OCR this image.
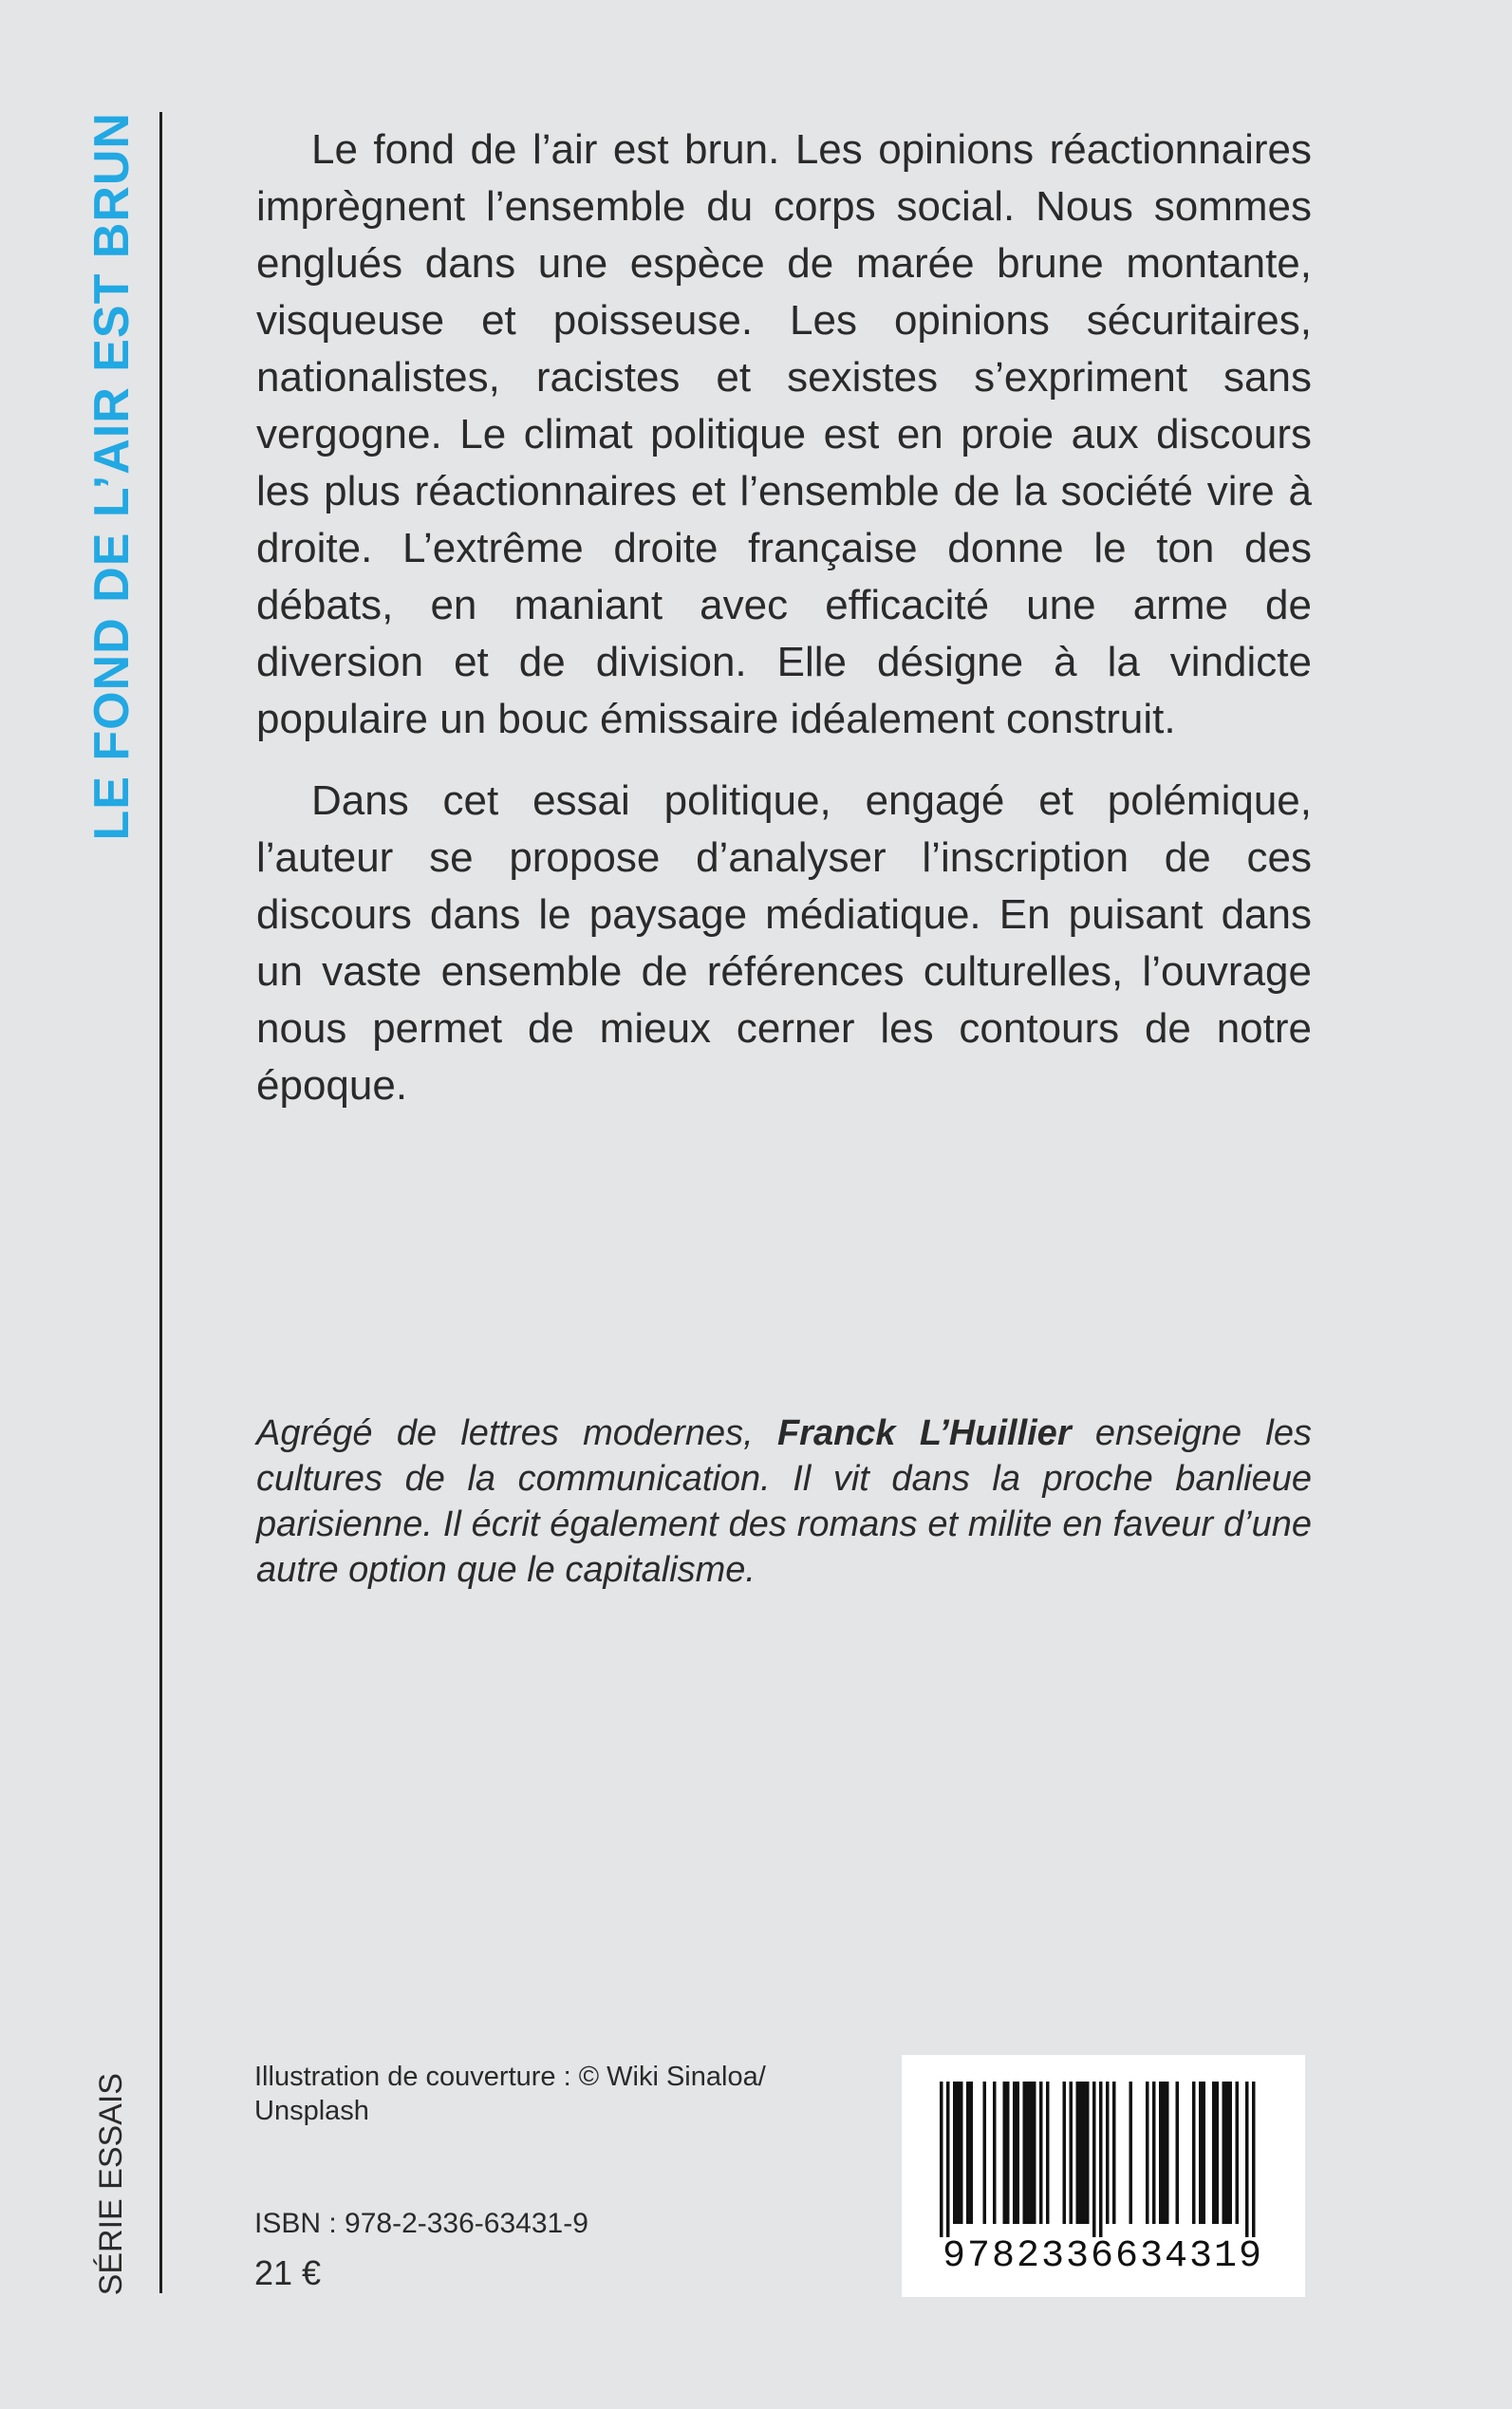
LE FOND DE L’AIR EST BRUN
SÉRIE ESSAIS

Le fond de l’air est brun. Les opinions réactionnaires imprègnent l’ensemble du corps social. Nous sommes englués dans une espèce de marée brune montante, visqueuse et poisseuse. Les opinions sécuritaires, nationalistes, racistes et sexistes s’expriment sans vergogne. Le climat politique est en proie aux discours les plus réactionnaires et l’ensemble de la société vire à droite. L’extrême droite française donne le ton des débats, en maniant avec efficacité une arme de diversion et de division. Elle désigne à la vindicte populaire un bouc émissaire idéalement construit.

Dans cet essai politique, engagé et polémique, l’auteur se propose d’analyser l’inscription de ces discours dans le paysage médiatique. En puisant dans un vaste ensemble de références culturelles, l’ouvrage nous permet de mieux cerner les contours de notre époque.

Agrégé de lettres modernes, Franck L’Huillier enseigne les cultures de la communication. Il vit dans la proche banlieue parisienne. Il écrit également des romans et milite en faveur d’une autre option que le capitalisme.

Illustration de couverture : © Wiki Sinaloa/ Unsplash
ISBN : 978-2-336-63431-9
21 €	9782336634319
